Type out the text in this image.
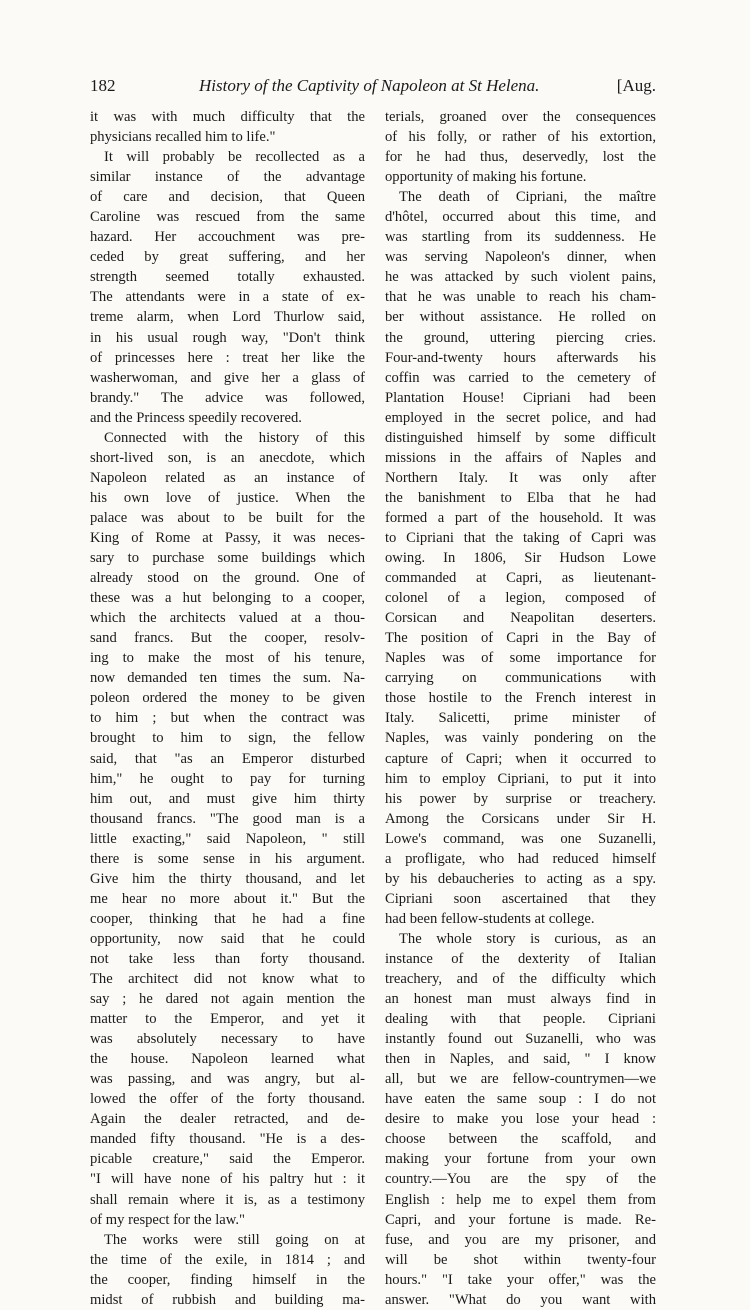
182	History of the Captivity of Napoleon at St Helena.	[Aug.
it was with much difficulty that the
physicians recalled him to life."
It will probably be recollected as a
similar instance of the advantage
of care and decision, that Queen
Caroline was rescued from the same
hazard. Her accouchment was pre-
ceded by great suffering, and her
strength seemed totally exhausted.
The attendants were in a state of ex-
treme alarm, when Lord Thurlow said,
in his usual rough way, "Don't think
of princesses here : treat her like the
washerwoman, and give her a glass of
brandy." The advice was followed,
and the Princess speedily recovered.
Connected with the history of this
short-lived son, is an anecdote, which
Napoleon related as an instance of
his own love of justice. When the
palace was about to be built for the
King of Rome at Passy, it was neces-
sary to purchase some buildings which
already stood on the ground. One of
these was a hut belonging to a cooper,
which the architects valued at a thou-
sand francs. But the cooper, resolv-
ing to make the most of his tenure,
now demanded ten times the sum. Na-
poleon ordered the money to be given
to him ; but when the contract was
brought to him to sign, the fellow
said, that "as an Emperor disturbed
him," he ought to pay for turning
him out, and must give him thirty
thousand francs. "The good man is a
little exacting," said Napoleon, " still
there is some sense in his argument.
Give him the thirty thousand, and let
me hear no more about it." But the
cooper, thinking that he had a fine
opportunity, now said that he could
not take less than forty thousand.
The architect did not know what to
say ; he dared not again mention the
matter to the Emperor, and yet it
was absolutely necessary to have
the house. Napoleon learned what
was passing, and was angry, but al-
lowed the offer of the forty thousand.
Again the dealer retracted, and de-
manded fifty thousand. "He is a des-
picable creature," said the Emperor.
"I will have none of his paltry hut : it
shall remain where it is, as a testimony
of my respect for the law."
The works were still going on at
the time of the exile, in 1814 ; and
the cooper, finding himself in the
midst of rubbish and building ma-
terials, groaned over the consequences
of his folly, or rather of his extortion,
for he had thus, deservedly, lost the
opportunity of making his fortune.
The death of Cipriani, the maître
d'hôtel, occurred about this time, and
was startling from its suddenness. He
was serving Napoleon's dinner, when
he was attacked by such violent pains,
that he was unable to reach his cham-
ber without assistance. He rolled on
the ground, uttering piercing cries.
Four-and-twenty hours afterwards his
coffin was carried to the cemetery of
Plantation House! Cipriani had been
employed in the secret police, and had
distinguished himself by some difficult
missions in the affairs of Naples and
Northern Italy. It was only after
the banishment to Elba that he had
formed a part of the household. It was
to Cipriani that the taking of Capri was
owing. In 1806, Sir Hudson Lowe
commanded at Capri, as lieutenant-
colonel of a legion, composed of
Corsican and Neapolitan deserters.
The position of Capri in the Bay of
Naples was of some importance for
carrying on communications with
those hostile to the French interest in
Italy. Salicetti, prime minister of
Naples, was vainly pondering on the
capture of Capri; when it occurred to
him to employ Cipriani, to put it into
his power by surprise or treachery.
Among the Corsicans under Sir H.
Lowe's command, was one Suzanelli,
a profligate, who had reduced himself
by his debaucheries to acting as a spy.
Cipriani soon ascertained that they
had been fellow-students at college.
The whole story is curious, as an
instance of the dexterity of Italian
treachery, and of the difficulty which
an honest man must always find in
dealing with that people. Cipriani
instantly found out Suzanelli, who was
then in Naples, and said, " I know
all, but we are fellow-countrymen—we
have eaten the same soup : I do not
desire to make you lose your head :
choose between the scaffold, and
making your fortune from your own
country.—You are the spy of the
English : help me to expel them from
Capri, and your fortune is made. Re-
fuse, and you are my prisoner, and
will be shot within twenty-four
hours." "I take your offer," was the
answer. "What do you want with
